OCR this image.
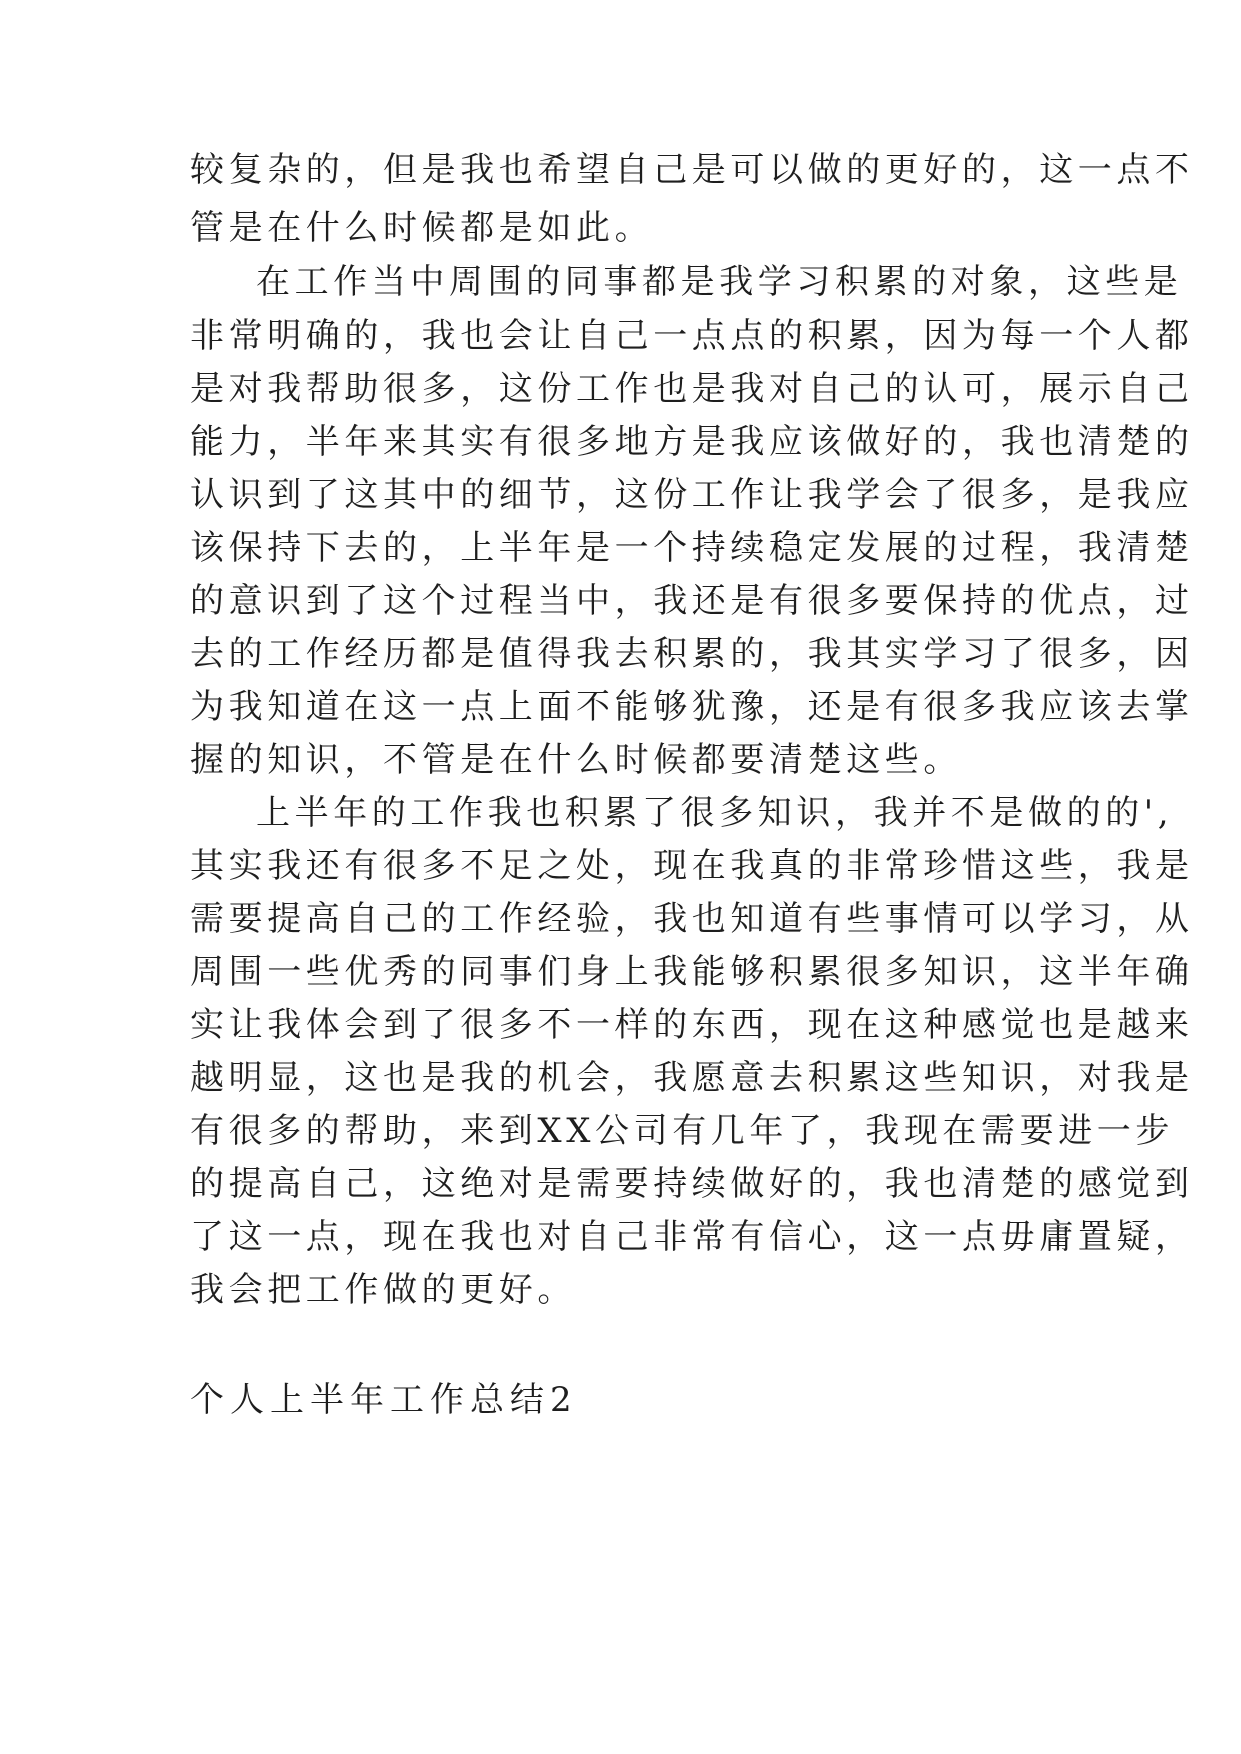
较复杂的，但是我也希望自己是可以做的更好的，这一点不

管是在什么时候都是如此。

在工作当中周围的同事都是我学习积累的对象，这些是

非常明确的，我也会让自己一点点的积累，因为每一个人都

是对我帮助很多，这份工作也是我对自己的认可，展示自己

能力，半年来其实有很多地方是我应该做好的，我也清楚的

认识到了这其中的细节，这份工作让我学会了很多，是我应

该保持下去的，上半年是一个持续稳定发展的过程，我清楚

的意识到了这个过程当中，我还是有很多要保持的优点，过

去的工作经历都是值得我去积累的，我其实学习了很多，因

为我知道在这一点上面不能够犹豫，还是有很多我应该去掌

握的知识，不管是在什么时候都要清楚这些。

上半年的工作我也积累了很多知识，我并不是做的的',

其实我还有很多不足之处，现在我真的非常珍惜这些，我是

需要提高自己的工作经验，我也知道有些事情可以学习，从

周围一些优秀的同事们身上我能够积累很多知识，这半年确

实让我体会到了很多不一样的东西，现在这种感觉也是越来

越明显，这也是我的机会，我愿意去积累这些知识，对我是

有很多的帮助，来到XX公司有几年了，我现在需要进一步

的提高自己，这绝对是需要持续做好的，我也清楚的感觉到

了这一点，现在我也对自己非常有信心，这一点毋庸置疑，

我会把工作做的更好。

个人上半年工作总结2
